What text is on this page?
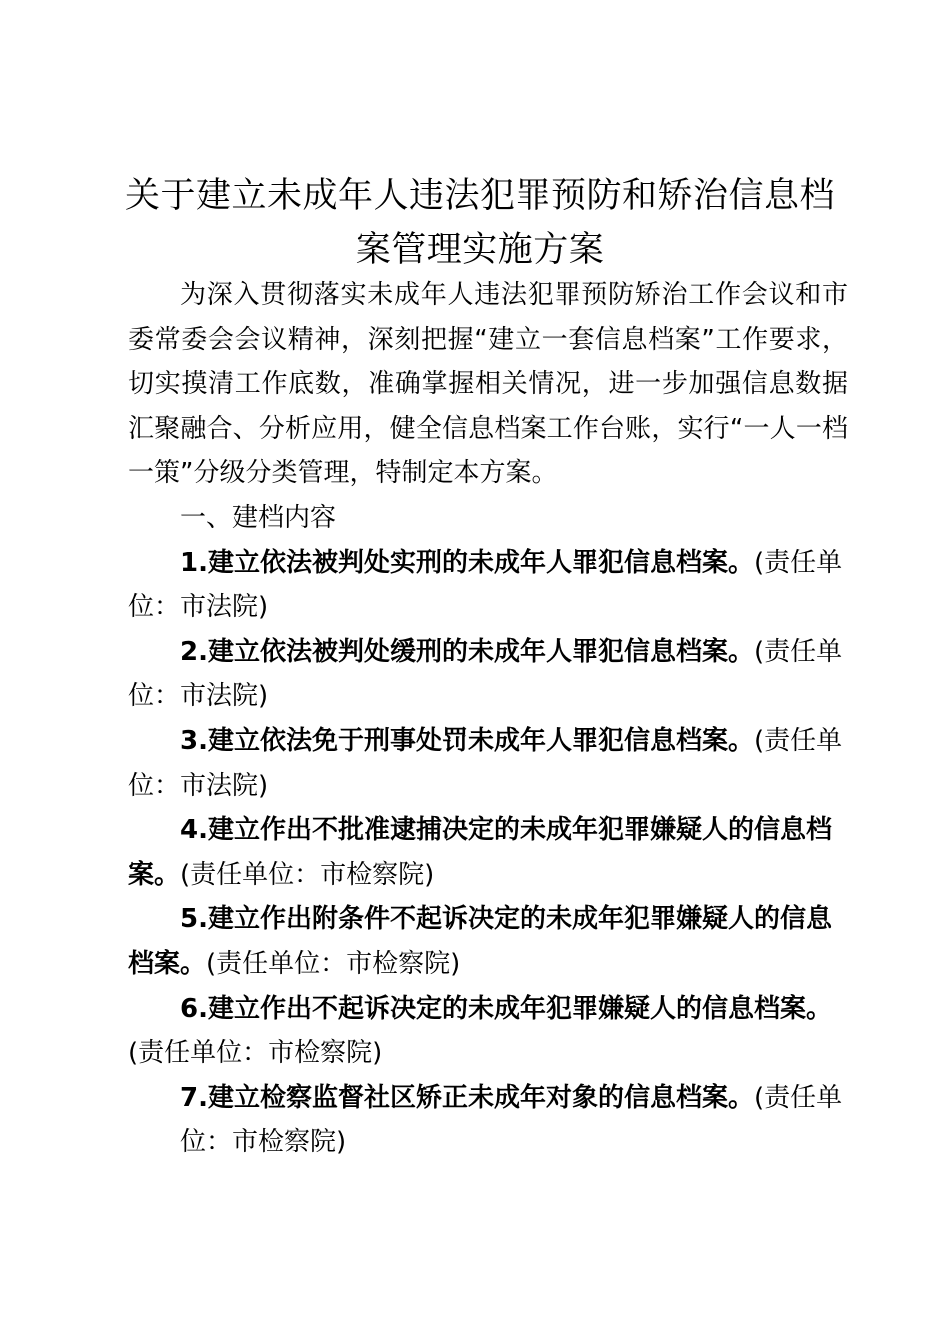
关于建立未成年人违法犯罪预防和矫治信息档
案管理实施方案

为深入贯彻落实未成年人违法犯罪预防矫治工作会议和市委常委会会议精神，深刻把握“建立一套信息档案”工作要求，切实摸清工作底数，准确掌握相关情况，进一步加强信息数据汇聚融合、分析应用，健全信息档案工作台账，实行“一人一档一策”分级分类管理，特制定本方案。

一、建档内容

1.建立依法被判处实刑的未成年人罪犯信息档案。(责任单位：市法院)

2.建立依法被判处缓刑的未成年人罪犯信息档案。(责任单位：市法院)

3.建立依法免于刑事处罚未成年人罪犯信息档案。(责任单位：市法院)

4.建立作出不批准逮捕决定的未成年犯罪嫌疑人的信息档案。(责任单位：市检察院)

5.建立作出附条件不起诉决定的未成年犯罪嫌疑人的信息档案。(责任单位：市检察院)

6.建立作出不起诉决定的未成年犯罪嫌疑人的信息档案。(责任单位：市检察院)

7.建立检察监督社区矫正未成年对象的信息档案。(责任单位：市检察院)
